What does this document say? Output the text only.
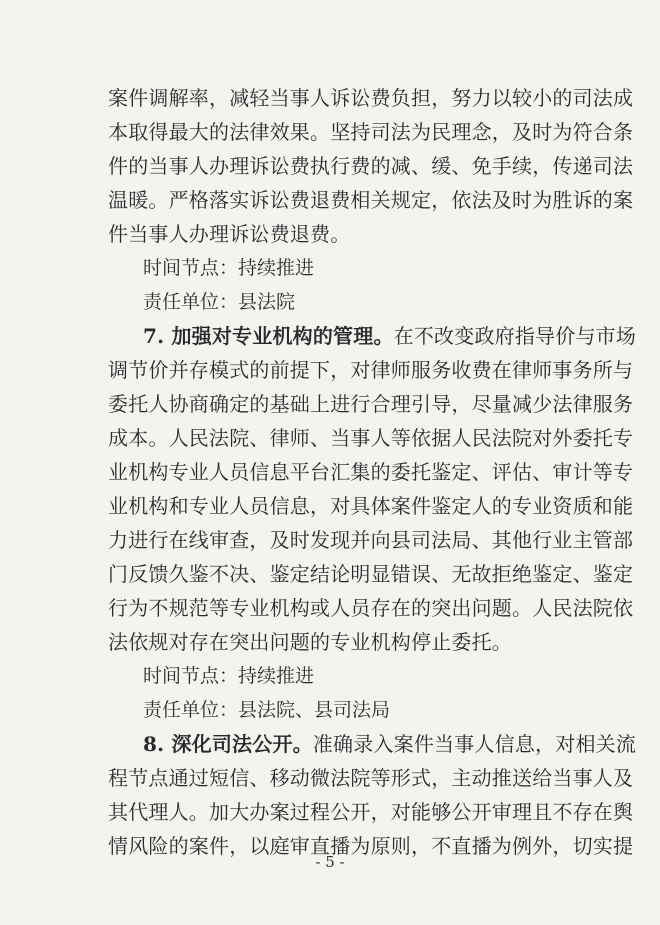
案件调解率，减轻当事人诉讼费负担，努力以较小的司法成
本取得最大的法律效果。坚持司法为民理念，及时为符合条
件的当事人办理诉讼费执行费的减、缓、免手续，传递司法
温暖。严格落实诉讼费退费相关规定，依法及时为胜诉的案
件当事人办理诉讼费退费。
时间节点：持续推进
责任单位：县法院
7. 加强对专业机构的管理。在不改变政府指导价与市场
调节价并存模式的前提下，对律师服务收费在律师事务所与
委托人协商确定的基础上进行合理引导，尽量减少法律服务
成本。人民法院、律师、当事人等依据人民法院对外委托专
业机构专业人员信息平台汇集的委托鉴定、评估、审计等专
业机构和专业人员信息，对具体案件鉴定人的专业资质和能
力进行在线审查，及时发现并向县司法局、其他行业主管部
门反馈久鉴不决、鉴定结论明显错误、无故拒绝鉴定、鉴定
行为不规范等专业机构或人员存在的突出问题。人民法院依
法依规对存在突出问题的专业机构停止委托。
时间节点：持续推进
责任单位：县法院、县司法局
8. 深化司法公开。准确录入案件当事人信息，对相关流
程节点通过短信、移动微法院等形式，主动推送给当事人及
其代理人。加大办案过程公开，对能够公开审理且不存在舆
情风险的案件，以庭审直播为原则，不直播为例外，切实提
- 5 -
